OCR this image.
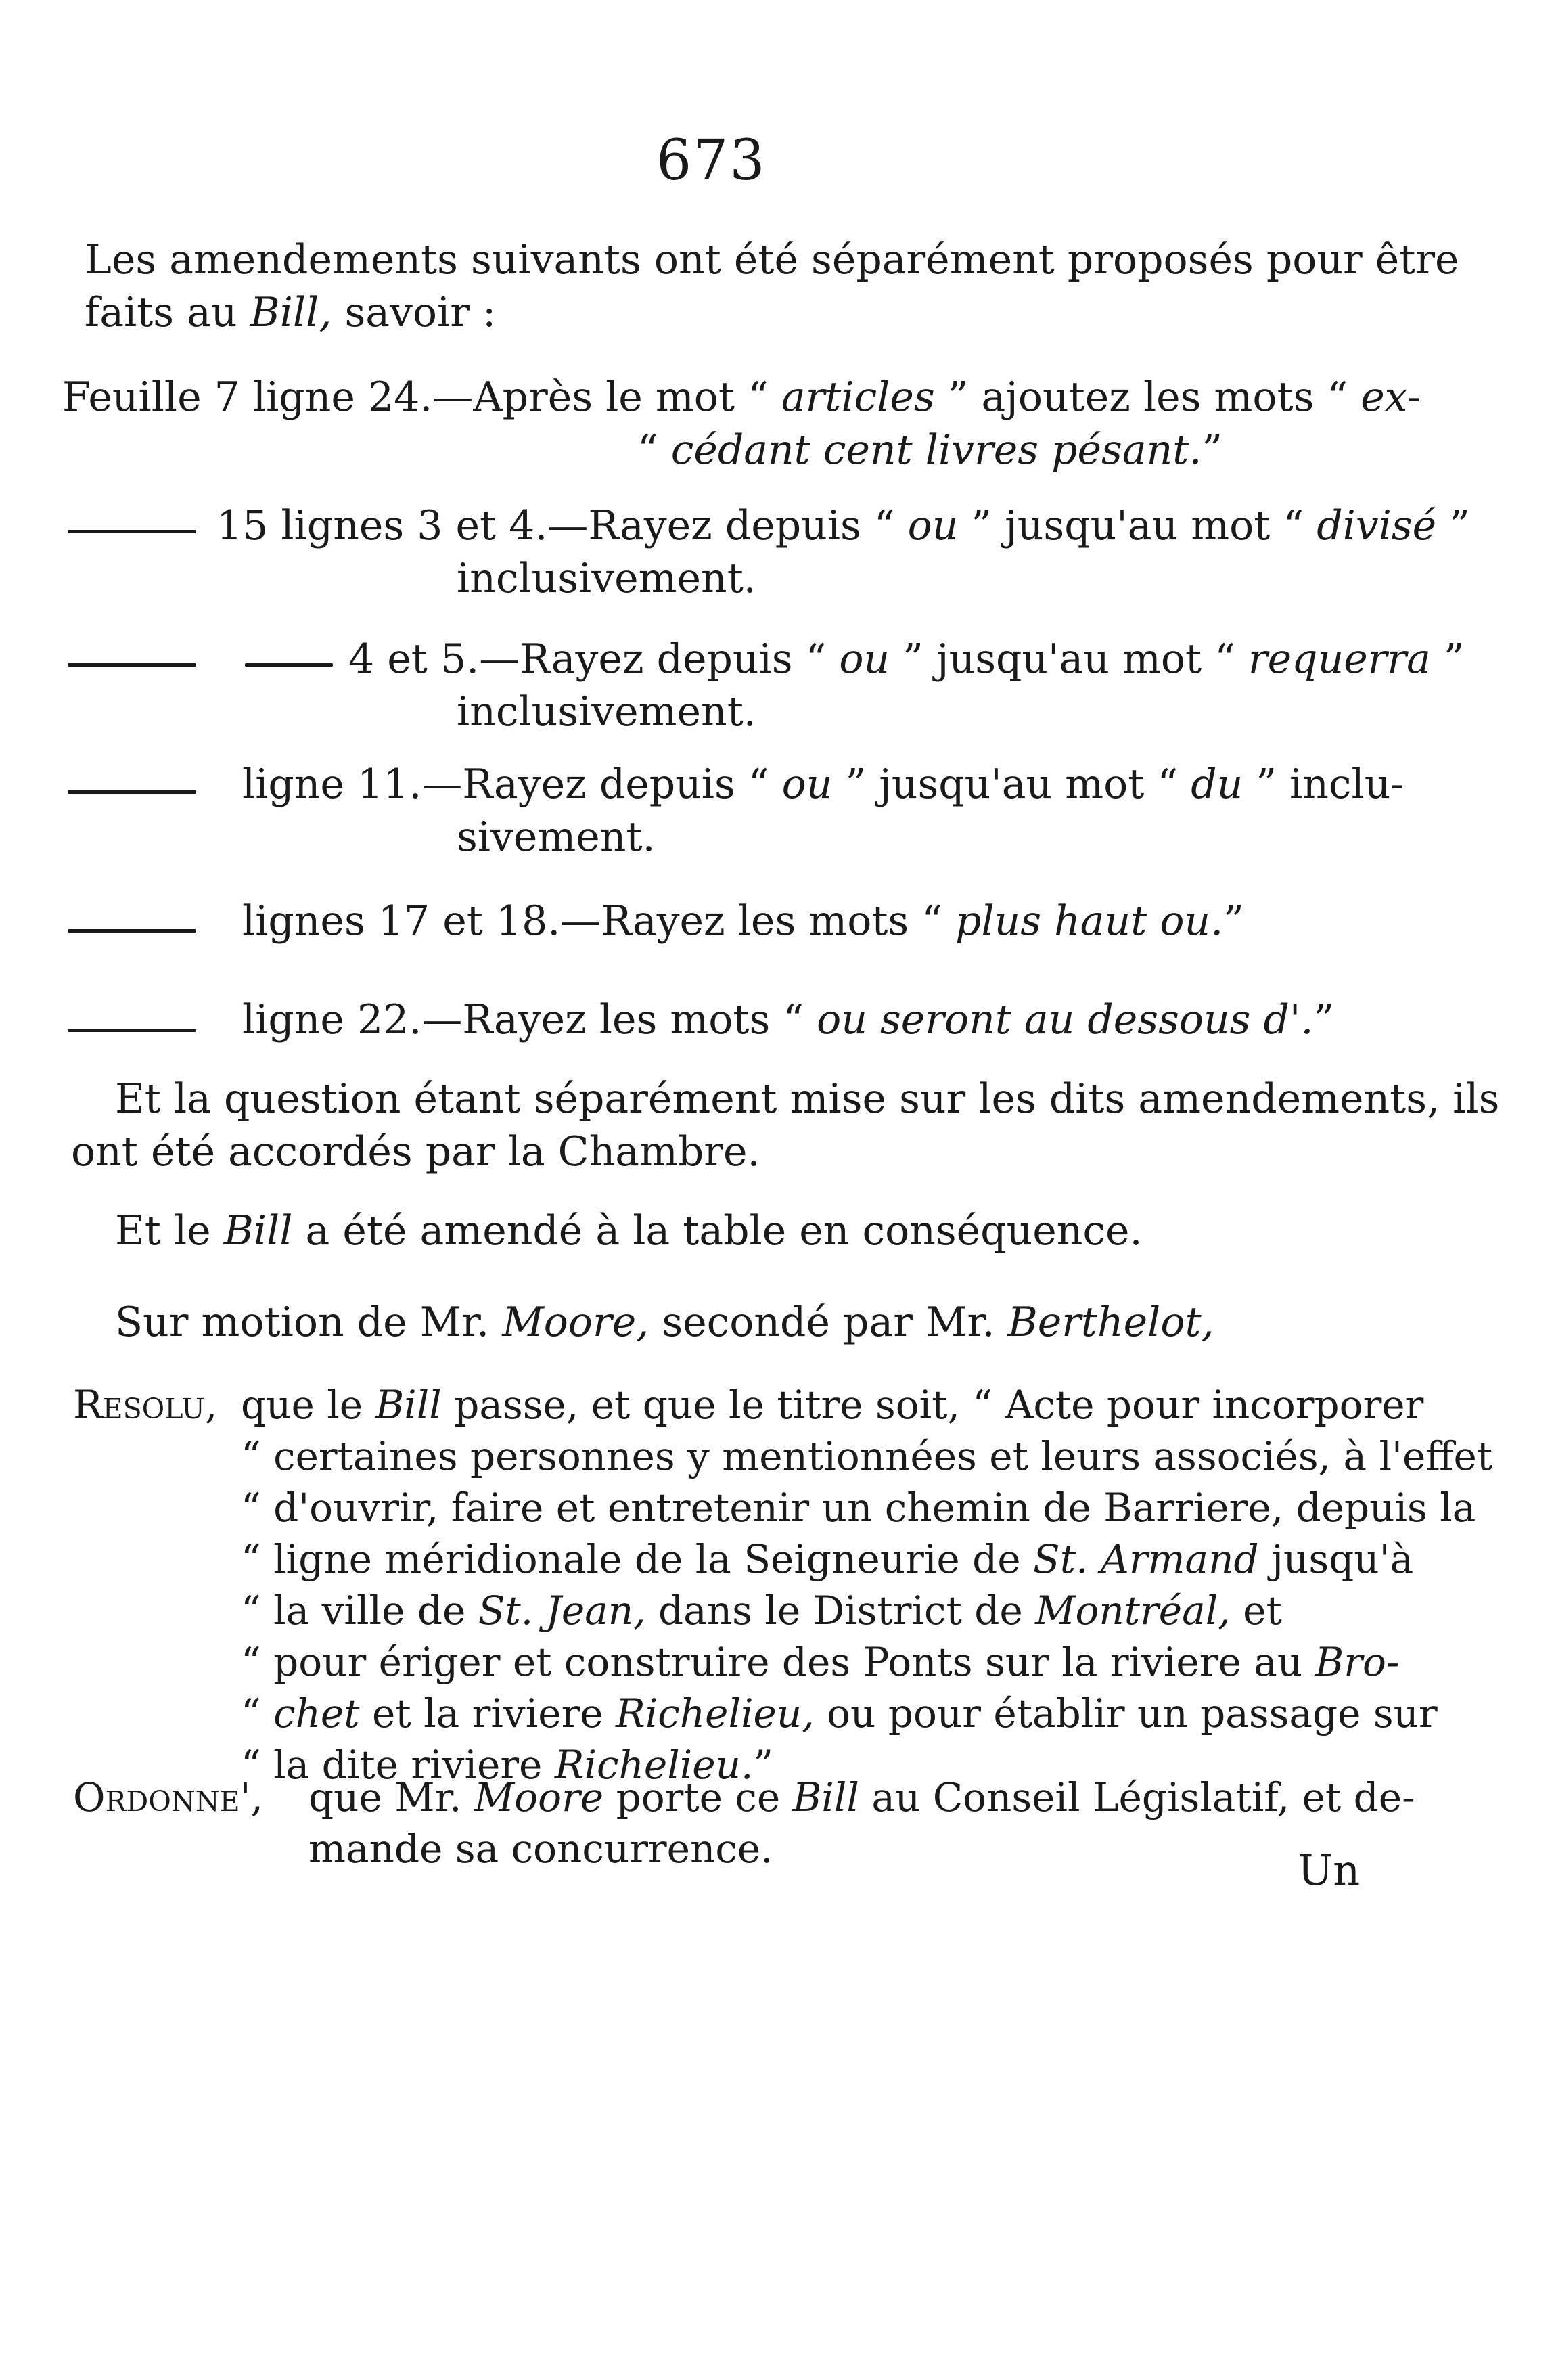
673
Les amendements suivants ont été séparément proposés pour être
faits au Bill, savoir :
Feuille 7 ligne 24.—Après le mot “ articles ” ajoutez les mots “ ex-
“ cédant cent livres pésant.”
15 lignes 3 et 4.—Rayez depuis “ ou ” jusqu'au mot “ divisé ”
inclusivement.
4 et 5.—Rayez depuis “ ou ” jusqu'au mot “ requerra ”
inclusivement.
ligne 11.—Rayez depuis “ ou ” jusqu'au mot “ du ” inclu-
sivement.
lignes 17 et 18.—Rayez les mots “ plus haut ou.”
ligne 22.—Rayez les mots “ ou seront au dessous d'.”
Et la question étant séparément mise sur les dits amendements, ils
ont été accordés par la Chambre.
Et le Bill a été amendé à la table en conséquence.
Sur motion de Mr. Moore, secondé par Mr. Berthelot,
Resolu, que le Bill passe, et que le titre soit, “ Acte pour incorporer
“ certaines personnes y mentionnées et leurs associés, à l'effet
“ d'ouvrir, faire et entretenir un chemin de Barriere, depuis la
“ ligne méridionale de la Seigneurie de St. Armand jusqu'à
“ la ville de St. Jean, dans le District de Montréal, et
“ pour ériger et construire des Ponts sur la riviere au Bro-
“ chet et la riviere Richelieu, ou pour établir un passage sur
“ la dite riviere Richelieu.”
Ordonne', que Mr. Moore porte ce Bill au Conseil Législatif, et de-
mande sa concurrence.	Un
